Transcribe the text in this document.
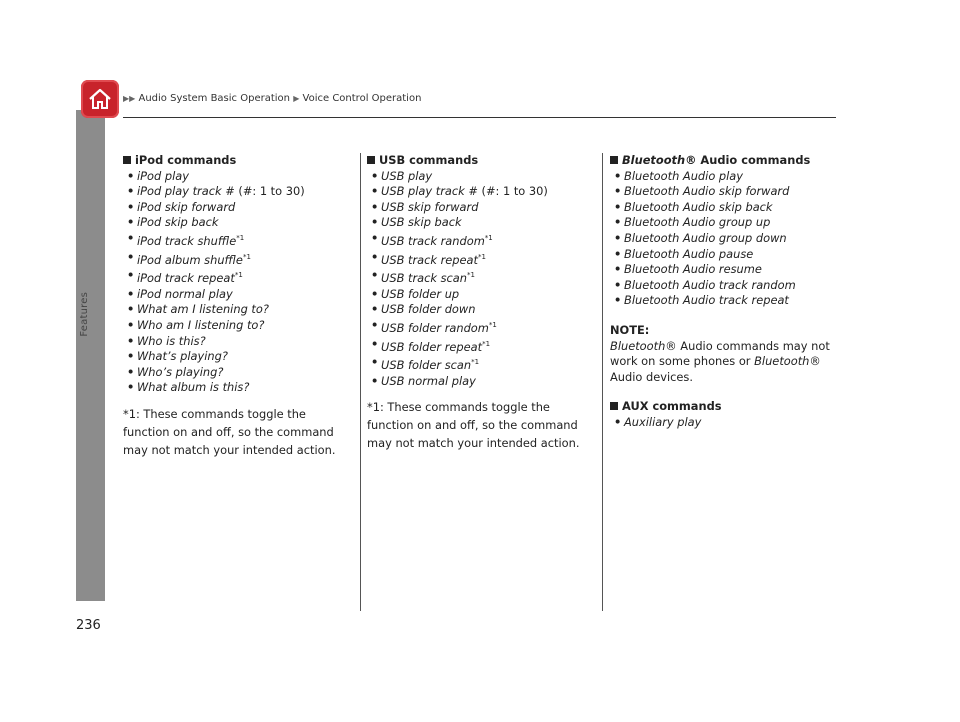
Features
▶▶ Audio System Basic Operation ▶ Voice Control Operation
236
iPod commands
• iPod play
• iPod play track # (#: 1 to 30)
• iPod skip forward
• iPod skip back
• iPod track shuffle$^{*1}$
• iPod album shuffle$^{*1}$
• iPod track repeat$^{*1}$
• iPod normal play
• What am I listening to?
• Who am I listening to?
• Who is this?
• What’s playing?
• Who’s playing?
• What album is this?
*1: These commands toggle the function on and off, so the command may not match your intended action.
USB commands
• USB play
• USB play track # (#: 1 to 30)
• USB skip forward
• USB skip back
• USB track random$^{*1}$
• USB track repeat$^{*1}$
• USB track scan$^{*1}$
• USB folder up
• USB folder down
• USB folder random$^{*1}$
• USB folder repeat$^{*1}$
• USB folder scan$^{*1}$
• USB normal play
*1: These commands toggle the function on and off, so the command may not match your intended action.
Bluetooth® Audio commands
• Bluetooth Audio play
• Bluetooth Audio skip forward
• Bluetooth Audio skip back
• Bluetooth Audio group up
• Bluetooth Audio group down
• Bluetooth Audio pause
• Bluetooth Audio resume
• Bluetooth Audio track random
• Bluetooth Audio track repeat
NOTE:
Bluetooth® Audio commands may not work on some phones or Bluetooth® Audio devices.
AUX commands
• Auxiliary play
